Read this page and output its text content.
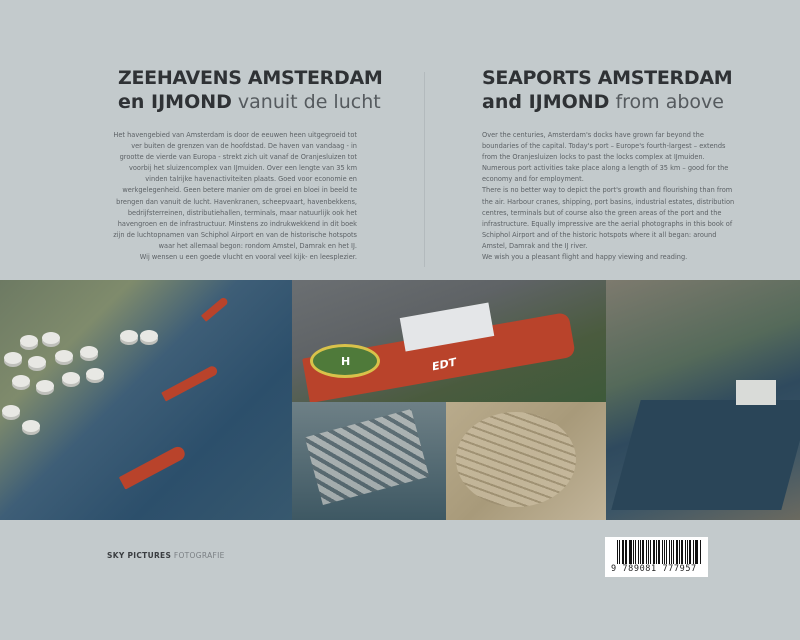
ZEEHAVENS AMSTERDAM
en IJMOND vanuit de lucht
SEAPORTS AMSTERDAM
and IJMOND from above

Het havengebied van Amsterdam is door de eeuwen heen uitgegroeid tot ver buiten de grenzen van de hoofdstad. De haven van vandaag - in grootte de vierde van Europa - strekt zich uit vanaf de Oranjesluizen tot voorbij het sluizencomplex van IJmuiden. Over een lengte van 35 km vinden talrijke havenactiviteiten plaats. Goed voor economie en werkgelegenheid. Geen betere manier om de groei en bloei in beeld te brengen dan vanuit de lucht. Havenkranen, scheepvaart, havenbekkens, bedrijfsterreinen, distributiehallen, terminals, maar natuurlijk ook het havengroen en de infrastructuur. Minstens zo indrukwekkend in dit boek zijn de luchtopnamen van Schiphol Airport en van de historische hotspots waar het allemaal begon: rondom Amstel, Damrak en het IJ.

Wij wensen u een goede vlucht en vooral veel kijk- en leesplezier.

Over the centuries, Amsterdam's docks have grown far beyond the boundaries of the capital. Today's port – Europe's fourth-largest – extends from the Oranjesluizen locks to past the locks complex at IJmuiden. Numerous port activities take place along a length of 35 km – good for the economy and for employment.

There is no better way to depict the port's growth and flourishing than from the air. Harbour cranes, shipping, port basins, industrial estates, distribution centres, terminals but of course also the green areas of the port and the infrastructure. Equally impressive are the aerial photographs in this book of Schiphol Airport and of the historic hotspots where it all began: around Amstel, Damrak and the IJ river.

We wish you a pleasant flight and happy viewing and reading.

H	EDT
SKY PICTURES FOTOGRAFIE
9 789081 777957
